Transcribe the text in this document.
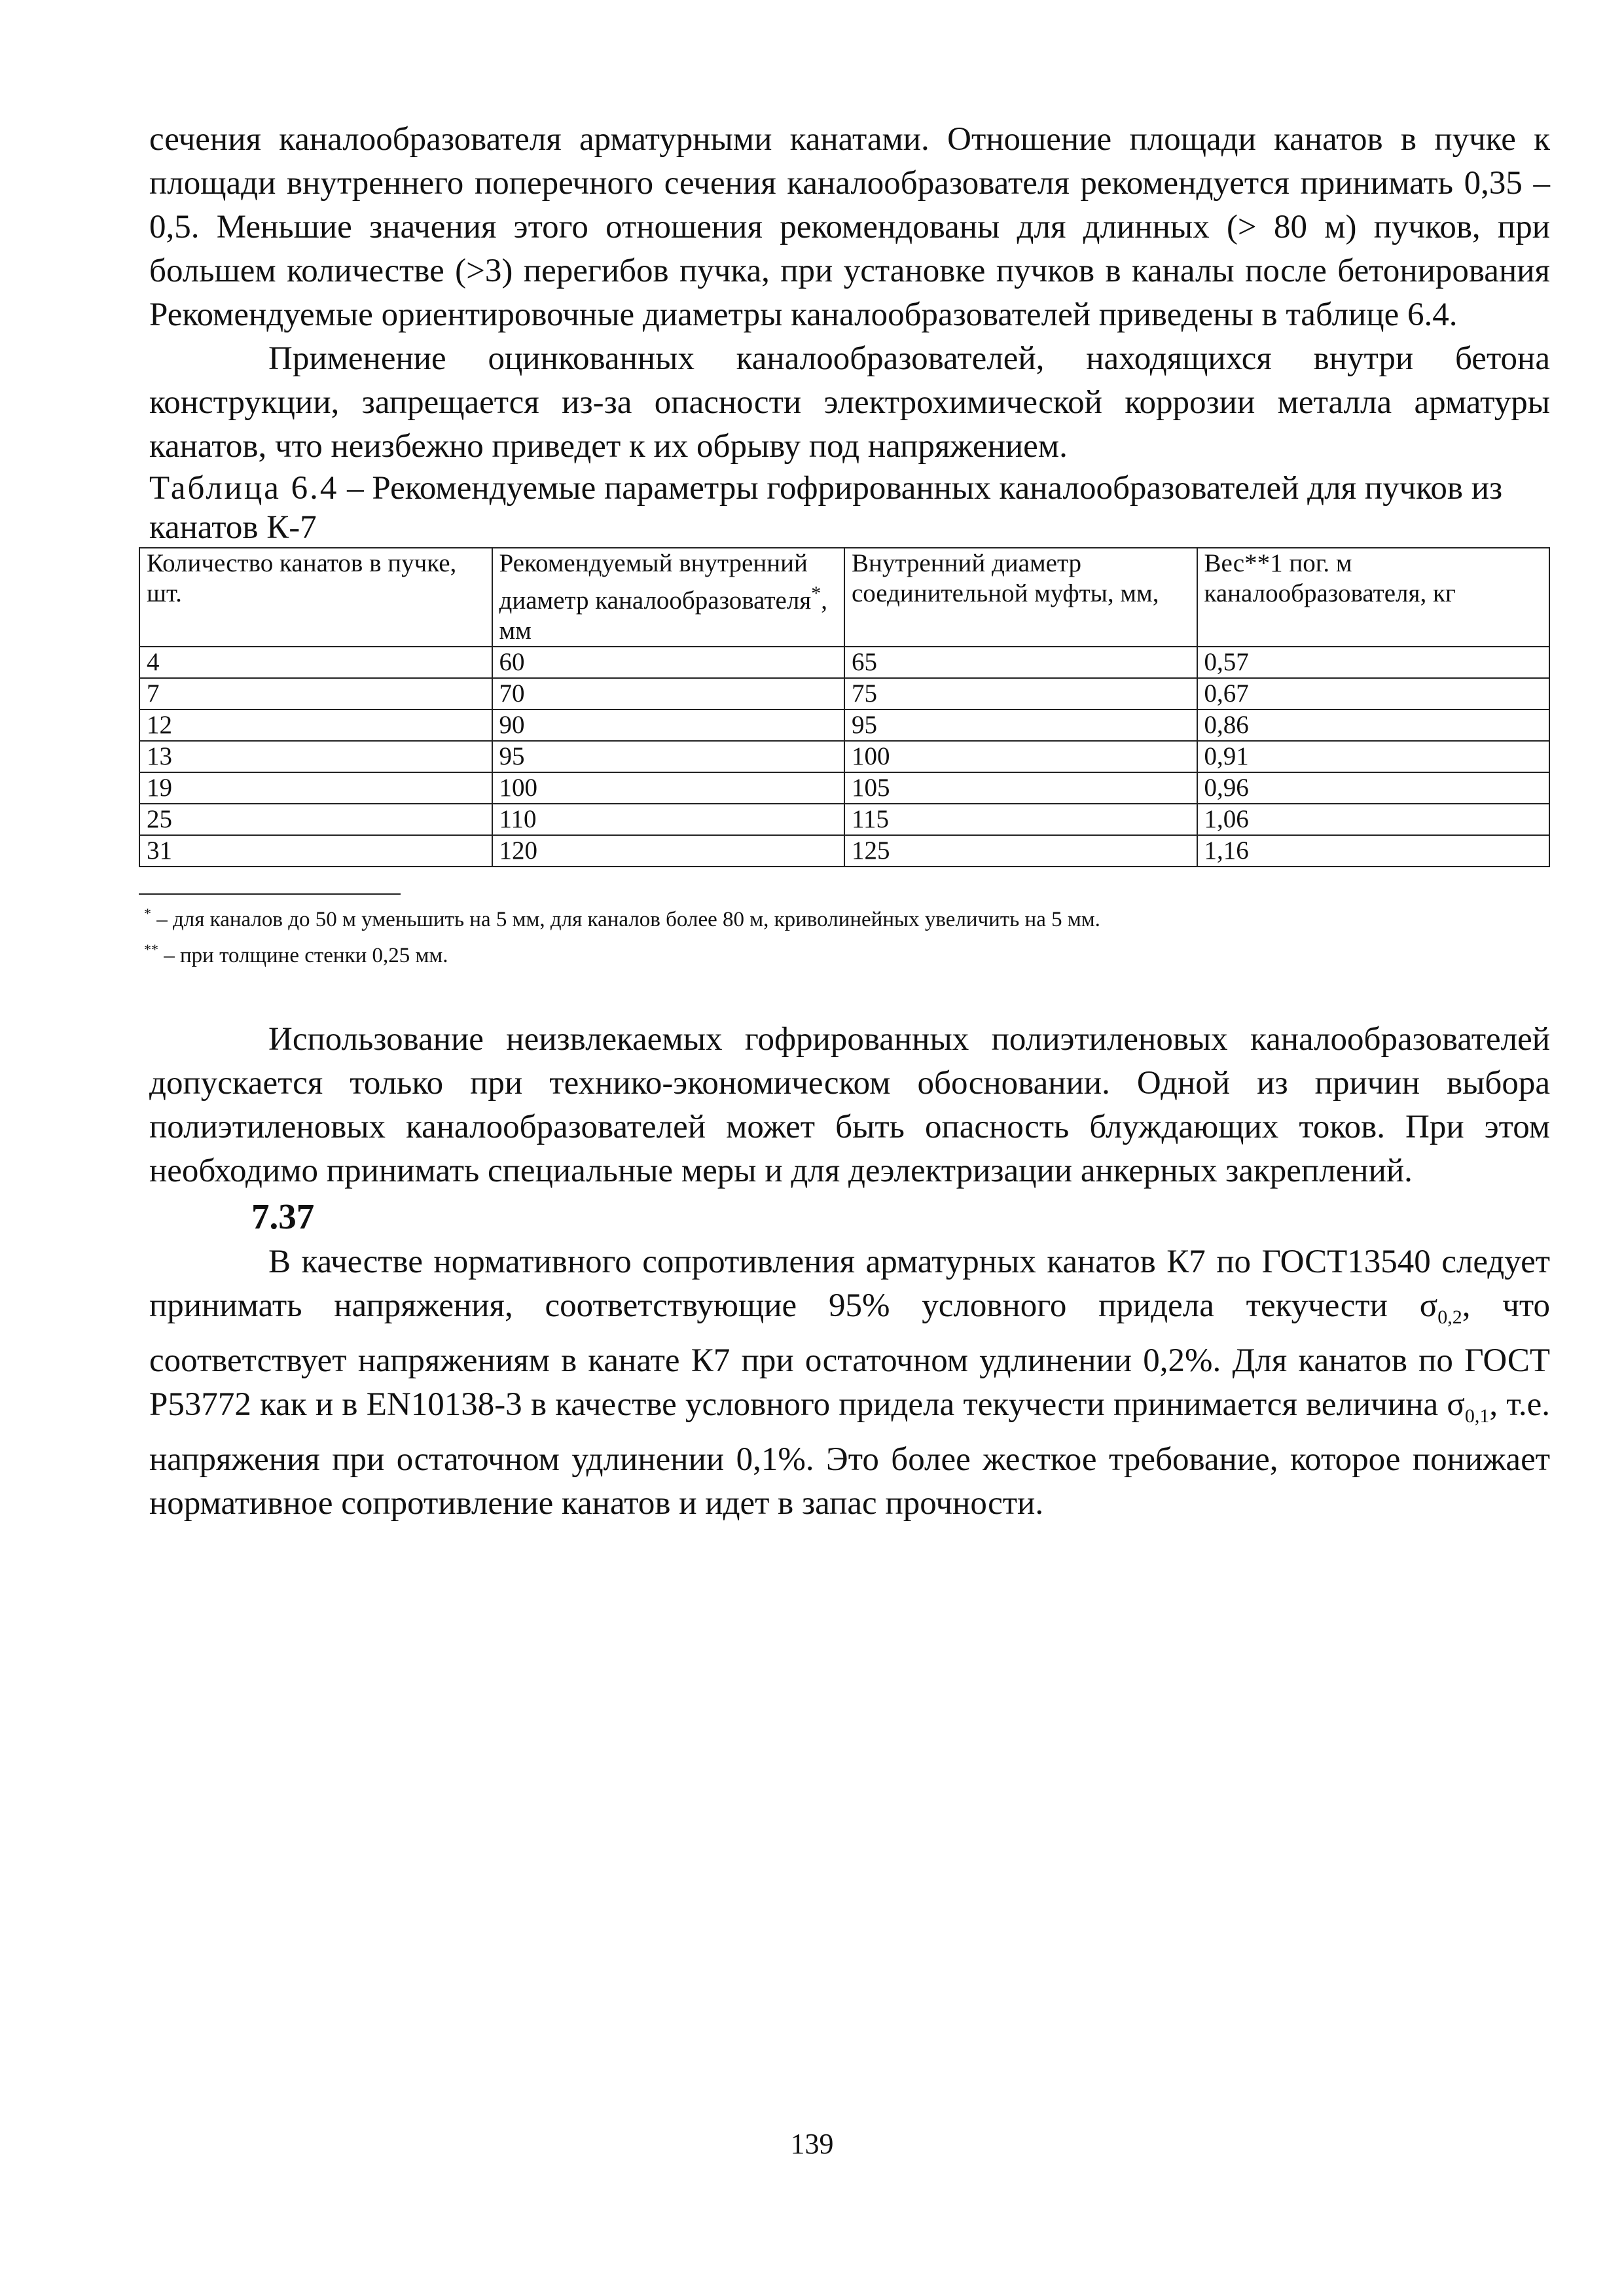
сечения каналообразователя арматурными канатами. Отношение площади канатов в пучке к площади внутреннего поперечного сечения каналообразователя рекомендуется принимать 0,35 – 0,5. Меньшие значения этого отношения рекомендованы для длинных (> 80 м) пучков, при большем количестве (>3) перегибов пучка, при установке пучков в каналы после бетонирования Рекомендуемые ориентировочные диаметры каналообразователей приведены в таблице 6.4.

Применение оцинкованных каналообразователей, находящихся внутри бетона конструкции, запрещается из-за опасности электрохимической коррозии металла арматуры канатов, что неизбежно приведет к их обрыву под напряжением.

Таблица 6.4 – Рекомендуемые параметры гофрированных каналообразователей для пучков из канатов К-7

Количество канатов в пучке, шт.	Рекомендуемый внутренний диаметр каналообразователя*, мм	Внутренний диаметр соединительной муфты, мм,	Вес**1 пог. м каналообразователя, кг
4	60	65	0,57
7	70	75	0,67
12	90	95	0,86
13	95	100	0,91
19	100	105	0,96
25	110	115	1,06
31	120	125	1,16

* – для каналов до 50 м уменьшить на 5 мм, для каналов более 80 м, криволинейных увеличить на 5 мм.

** – при толщине стенки 0,25 мм.

Использование неизвлекаемых гофрированных полиэтиленовых каналообразователей допускается только при технико-экономическом обосновании. Одной из причин выбора полиэтиленовых каналообразователей может быть опасность блуждающих токов. При этом необходимо принимать специальные меры и для деэлектризации анкерных закреплений.

7.37

В качестве нормативного сопротивления арматурных канатов К7 по ГОСТ13540 следует принимать напряжения, соответствующие 95% условного придела текучести $\sigma_{0,2}$, что соответствует напряжениям в канате К7 при остаточном удлинении 0,2%. Для канатов по ГОСТ Р53772 как и в EN10138-3 в качестве условного придела текучести принимается величина $\sigma_{0,1}$, т.е. напряжения при остаточном удлинении 0,1%. Это более жесткое требование, которое понижает нормативное сопротивление канатов и идет в запас прочности.

139
